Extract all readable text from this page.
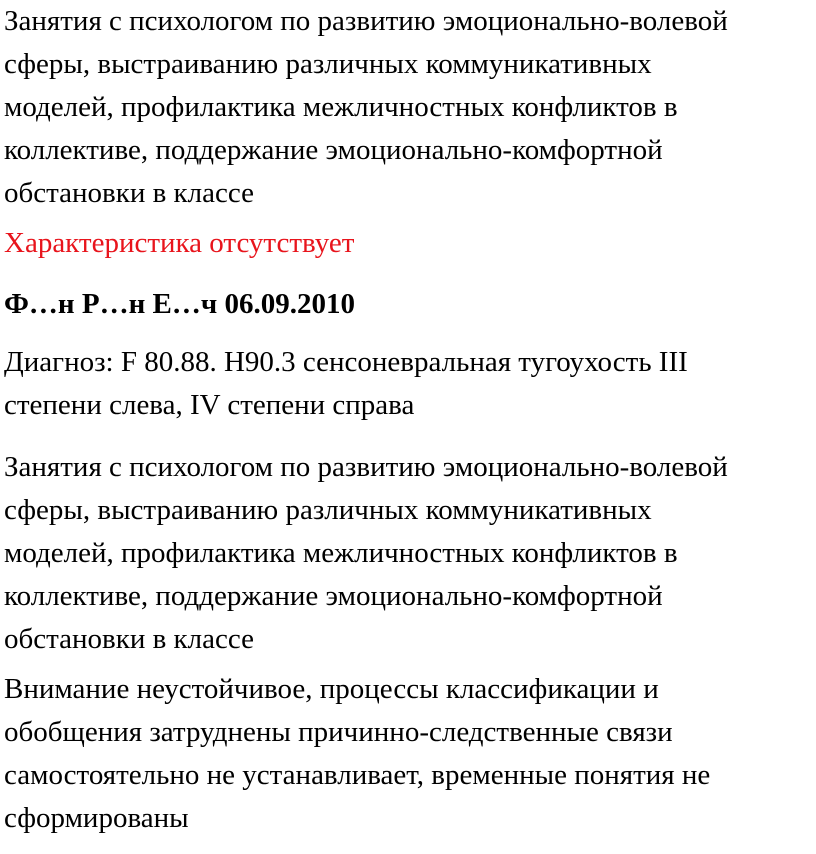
Занятия с психологом по развитию эмоционально-волевой
сферы, выстраиванию различных коммуникативных
моделей, профилактика межличностных конфликтов в
коллективе, поддержание эмоционально-комфортной
обстановки в классе

Характеристика отсутствует

Ф…н Р…н Е…ч 06.09.2010

Диагноз: F 80.88. H90.3 сенсоневральная тугоухость III
степени слева, IV степени справа

Занятия с психологом по развитию эмоционально-волевой
сферы, выстраиванию различных коммуникативных
моделей, профилактика межличностных конфликтов в
коллективе, поддержание эмоционально-комфортной
обстановки в классе

Внимание неустойчивое, процессы классификации и
обобщения затруднены причинно-следственные связи
самостоятельно не устанавливает, временные понятия не
сформированы
